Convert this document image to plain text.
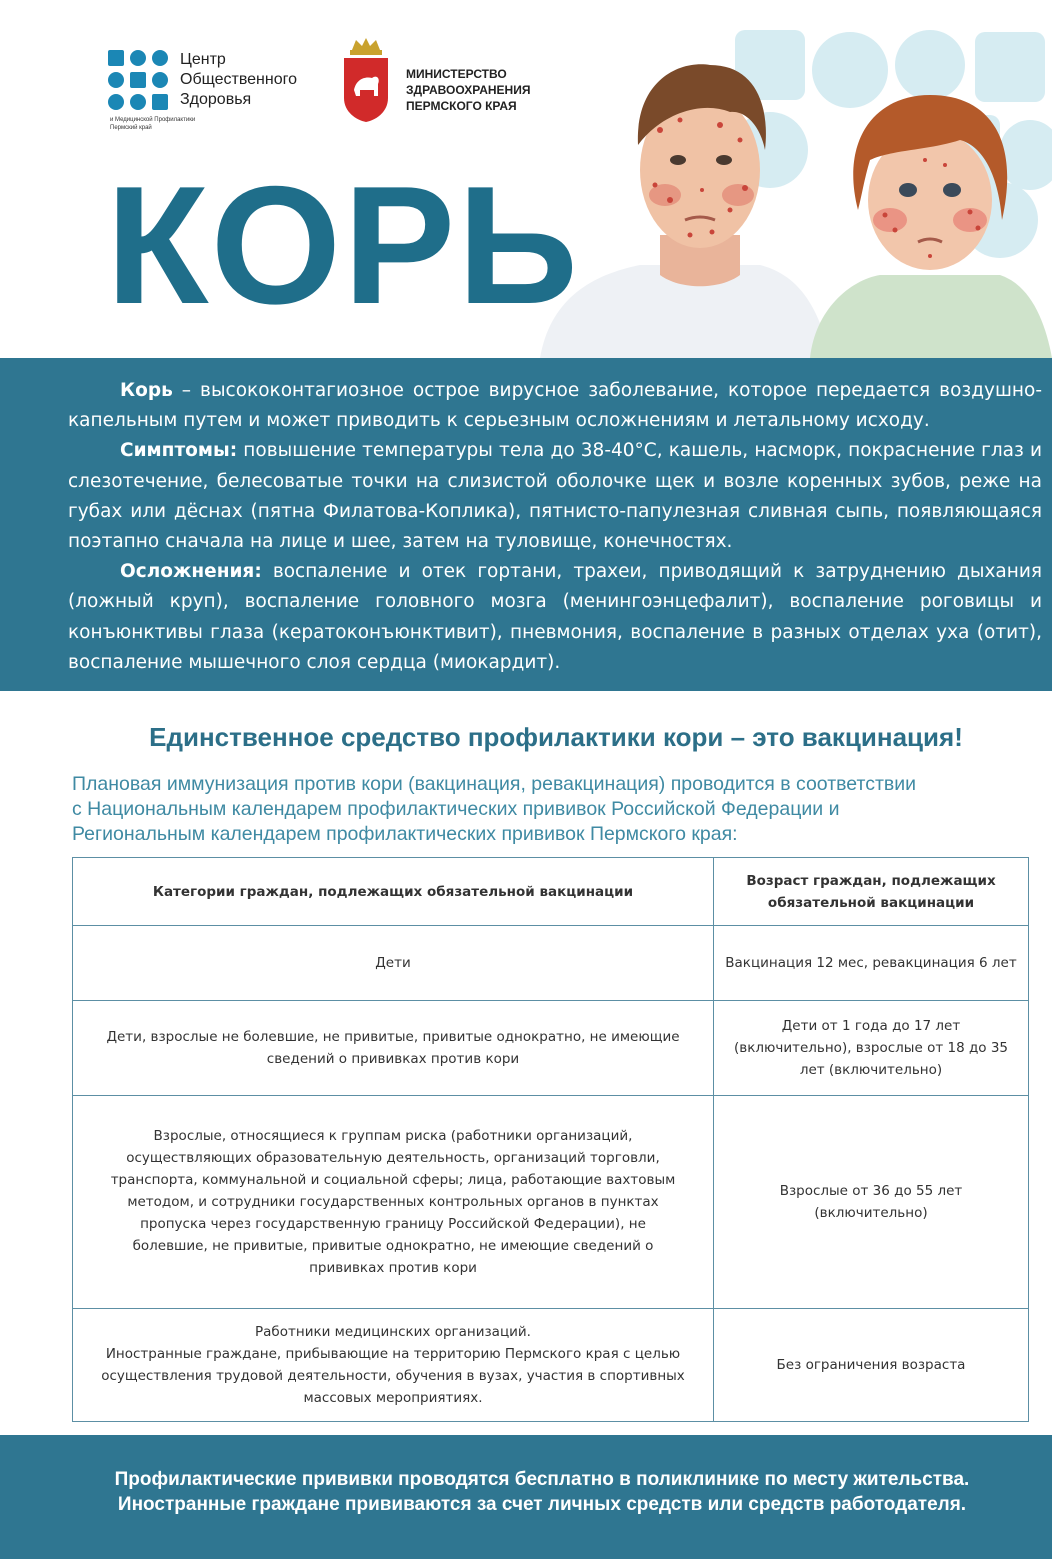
Центр
Общественного
Здоровья
и Медицинской Профилактики
Пермский край
МИНИСТЕРСТВО
ЗДРАВООХРАНЕНИЯ
ПЕРМСКОГО КРАЯ
КОРЬ

Корь – высококонтагиозное острое вирусное заболевание, которое передается воздушно-капельным путем и может приводить к серьезным осложнениям и летальному исходу.

Симптомы: повышение температуры тела до 38-40°С, кашель, насморк, покраснение глаз и слезотечение, белесоватые точки на слизистой оболочке щек и возле коренных зубов, реже на губах или дёснах (пятна Филатова-Коплика), пятнисто-папулезная сливная сыпь, появляющаяся поэтапно сначала на лице и шее, затем на туловище, конечностях.

Осложнения: воспаление и отек гортани, трахеи, приводящий к затруднению дыхания (ложный круп), воспаление головного мозга (менингоэнцефалит), воспаление роговицы и конъюнктивы глаза (кератоконъюнктивит), пневмония, воспаление в разных отделах уха (отит), воспаление мышечного слоя сердца (миокардит).

Единственное средство профилактики кори – это вакцинация!
Плановая иммунизация против кори (вакцинация, ревакцинация) проводится в соответствии
с Национальным календарем профилактических прививок Российской Федерации и
Региональным календарем профилактических прививок Пермского края:
Категории граждан, подлежащих обязательной вакцинации	Возраст граждан, подлежащих обязательной вакцинации
Дети	Вакцинация 12 мес, ревакцинация 6 лет
Дети, взрослые не болевшие, не привитые, привитые однократно, не имеющие сведений о прививках против кори	Дети от 1 года до 17 лет (включительно), взрослые от 18 до 35 лет (включительно)
Взрослые, относящиеся к группам риска (работники организаций, осуществляющих образовательную деятельность, организаций торговли, транспорта, коммунальной и социальной сферы; лица, работающие вахтовым методом, и сотрудники государственных контрольных органов в пунктах пропуска через государственную границу Российской Федерации), не болевшие, не привитые, привитые однократно, не имеющие сведений о прививках против кори	Взрослые от 36 до 55 лет (включительно)

Работники медицинских организаций.
Иностранные граждане, прибывающие на территорию Пермского края с целью осуществления трудовой деятельности, обучения в вузах, участия в спортивных массовых мероприятиях.	Без ограничения возраста
Профилактические прививки проводятся бесплатно в поликлинике по месту жительства.
Иностранные граждане прививаются за счет личных средств или средств работодателя.
